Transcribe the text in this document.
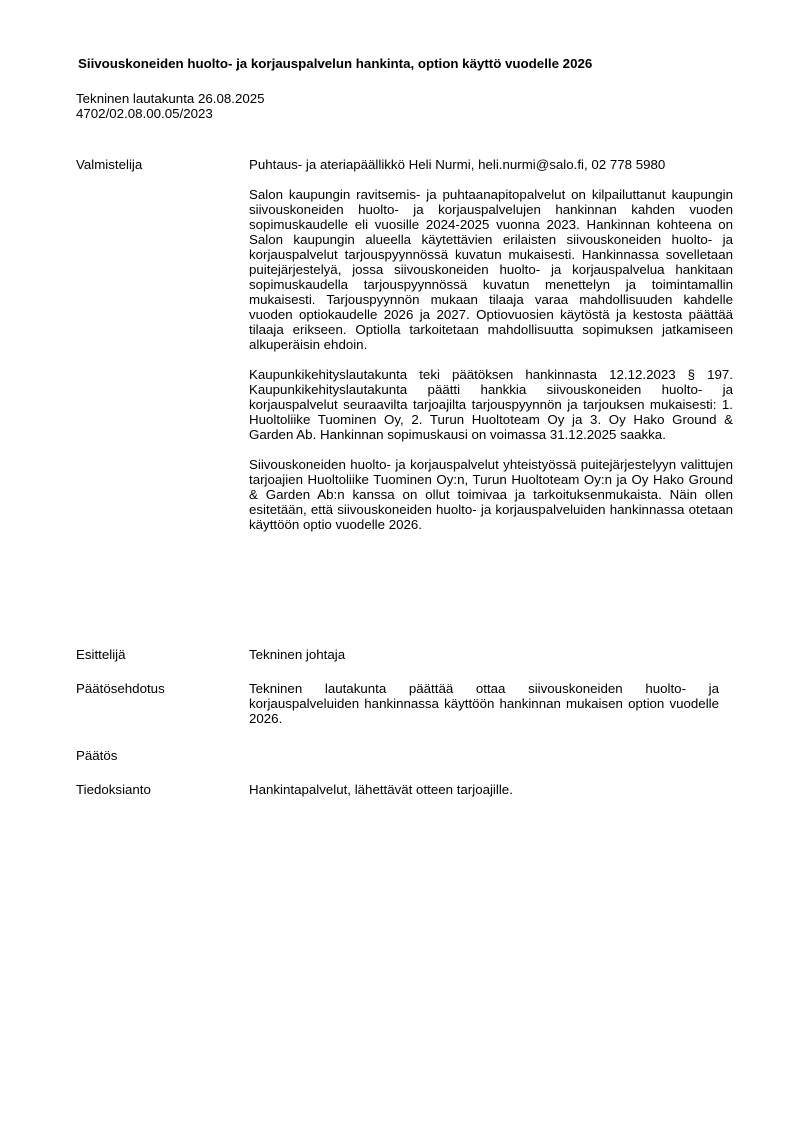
Siivouskoneiden huolto- ja korjauspalvelun hankinta, option käyttö vuodelle 2026
Tekninen lautakunta 26.08.2025
4702/02.08.00.05/2023
Valmistelija	Puhtaus- ja ateriapäällikkö Heli Nurmi, heli.nurmi@salo.fi, 02 778 5980

Salon kaupungin ravitsemis- ja puhtaanapitopalvelut on kilpailuttanut kaupungin siivouskoneiden huolto- ja korjauspalvelujen hankinnan kahden vuoden sopimuskaudelle eli vuosille 2024-2025 vuonna 2023. Hankinnan kohteena on Salon kaupungin alueella käytettävien erilaisten siivouskoneiden huolto- ja korjauspalvelut tarjouspyynnössä kuvatun mukaisesti. Hankinnassa sovelletaan puitejärjestelyä, jossa siivouskoneiden huolto- ja korjauspalvelua hankitaan sopimuskaudella tarjouspyynnössä kuvatun menettelyn ja toimintamallin mukaisesti. Tarjouspyynnön mukaan tilaaja varaa mahdollisuuden kahdelle vuoden optiokaudelle 2026 ja 2027. Optiovuosien käytöstä ja kestosta päättää tilaaja erikseen. Optiolla tarkoitetaan mahdollisuutta sopimuksen jatkamiseen alkuperäisin ehdoin.

Kaupunkikehityslautakunta teki päätöksen hankinnasta 12.12.2023 § 197. Kaupunkikehityslautakunta päätti hankkia siivouskoneiden huolto- ja korjauspalvelut seuraavilta tarjoajilta tarjouspyynnön ja tarjouksen mukaisesti: 1. Huoltoliike Tuominen Oy, 2. Turun Huoltoteam Oy ja 3. Oy Hako Ground & Garden Ab. Hankinnan sopimuskausi on voimassa 31.12.2025 saakka.

Siivouskoneiden huolto- ja korjauspalvelut yhteistyössä puitejärjestelyyn valittujen tarjoajien Huoltoliike Tuominen Oy:n, Turun Huoltoteam Oy:n ja Oy Hako Ground & Garden Ab:n kanssa on ollut toimivaa ja tarkoituksenmukaista. Näin ollen esitetään, että siivouskoneiden huolto- ja korjauspalveluiden hankinnassa otetaan käyttöön optio vuodelle 2026.

Esittelijä	Tekninen johtaja
Päätösehdotus	Tekninen lautakunta päättää ottaa siivouskoneiden huolto- ja korjauspalveluiden hankinnassa käyttöön hankinnan mukaisen option vuodelle 2026.
Päätös
Tiedoksianto	Hankintapalvelut, lähettävät otteen tarjoajille.
